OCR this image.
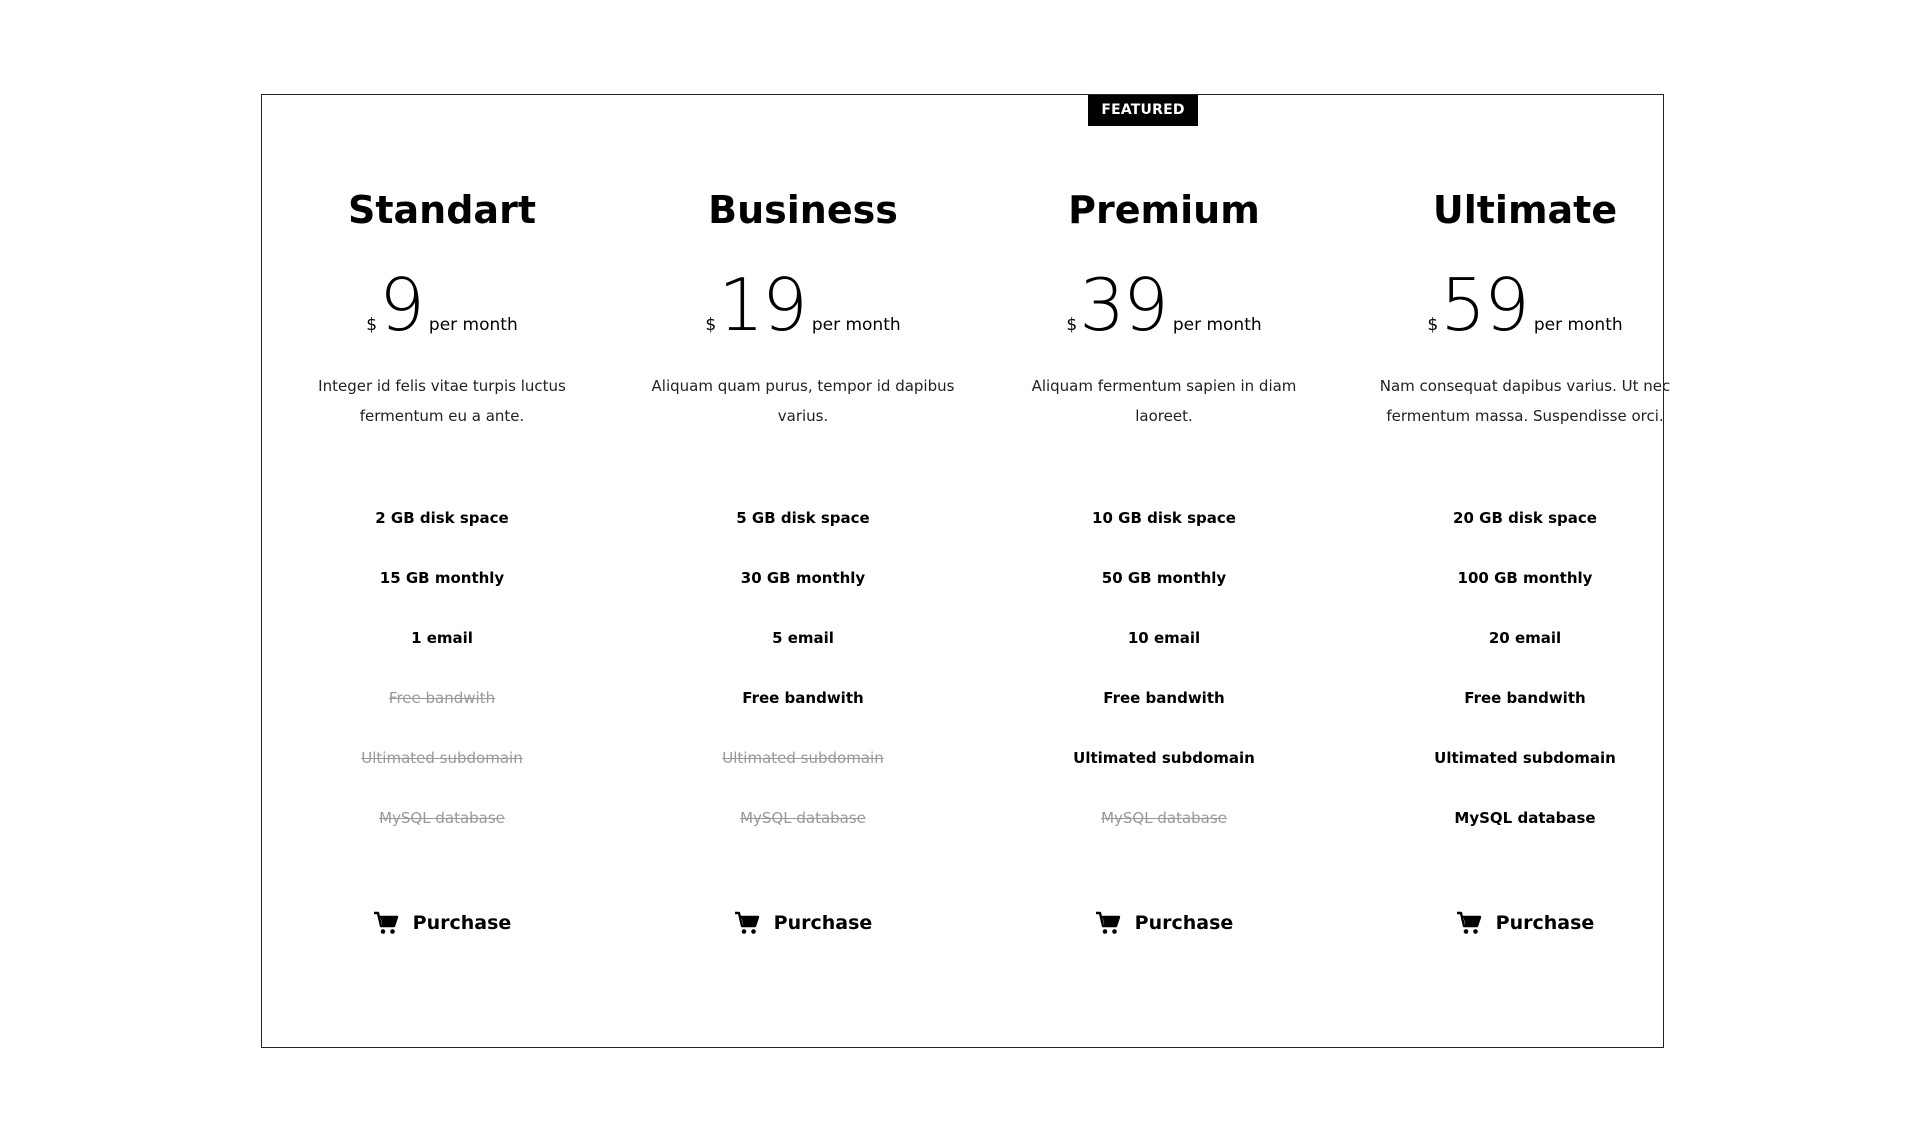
FEATURED
Standart
$9 per month

Integer id felis vitae turpis luctus fermentum eu a ante.

2 GB disk space
15 GB monthly
1 email
Free bandwith
Ultimated subdomain
MySQL database
Purchase
Business
$19 per month

Aliquam quam purus, tempor id dapibus varius.

5 GB disk space
30 GB monthly
5 email
Free bandwith
Ultimated subdomain
MySQL database
Purchase
Premium
$39 per month

Aliquam fermentum sapien in diam laoreet.

10 GB disk space
50 GB monthly
10 email
Free bandwith
Ultimated subdomain
MySQL database
Purchase
Ultimate
$59 per month

Nam consequat dapibus varius. Ut nec fermentum massa. Suspendisse orci.

20 GB disk space
100 GB monthly
20 email
Free bandwith
Ultimated subdomain
MySQL database
Purchase
